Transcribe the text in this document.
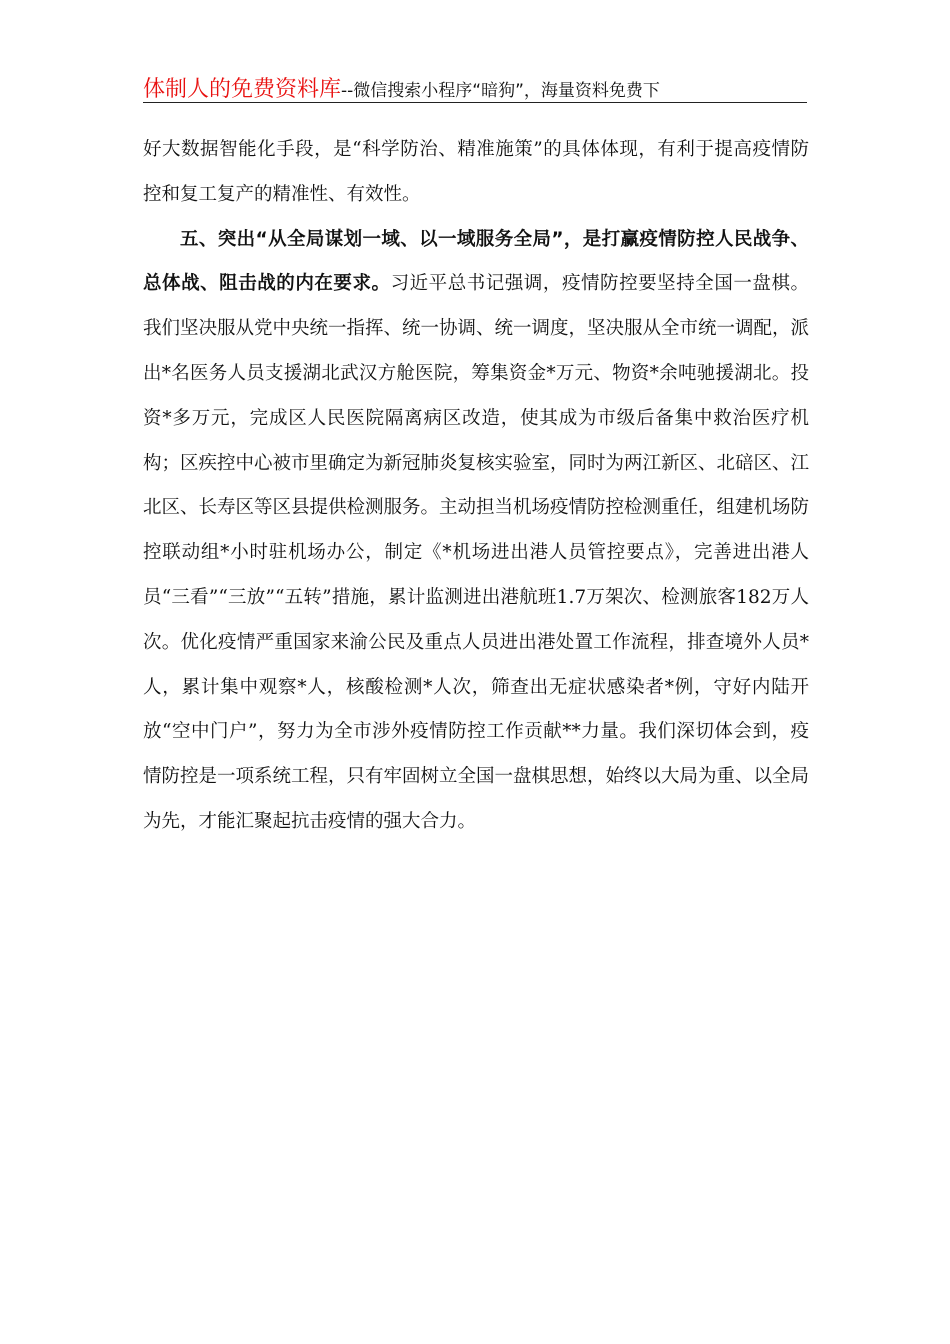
体制人的免费资料库--微信搜索小程序“暗狗”，海量资料免费下

好大数据智能化手段，是“科学防治、精准施策”的具体体现，有利于提高疫情防控和复工复产的精准性、有效性。

五、突出“从全局谋划一域、以一域服务全局”，是打赢疫情防控人民战争、总体战、阻击战的内在要求。习近平总书记强调，疫情防控要坚持全国一盘棋。我们坚决服从党中央统一指挥、统一协调、统一调度，坚决服从全市统一调配，派出*名医务人员支援湖北武汉方舱医院，筹集资金*万元、物资*余吨驰援湖北。投资*多万元，完成区人民医院隔离病区改造，使其成为市级后备集中救治医疗机构；区疾控中心被市里确定为新冠肺炎复核实验室，同时为两江新区、北碚区、江北区、长寿区等区县提供检测服务。主动担当机场疫情防控检测重任，组建机场防控联动组*小时驻机场办公，制定《*机场进出港人员管控要点》，完善进出港人员“三看”“三放”“五转”措施，累计监测进出港航班1.7万架次、检测旅客182万人次。优化疫情严重国家来渝公民及重点人员进出港处置工作流程，排查境外人员*人，累计集中观察*人，核酸检测*人次，筛查出无症状感染者*例，守好内陆开放“空中门户”，努力为全市涉外疫情防控工作贡献**力量。我们深切体会到，疫情防控是一项系统工程，只有牢固树立全国一盘棋思想，始终以大局为重、以全局为先，才能汇聚起抗击疫情的强大合力。
